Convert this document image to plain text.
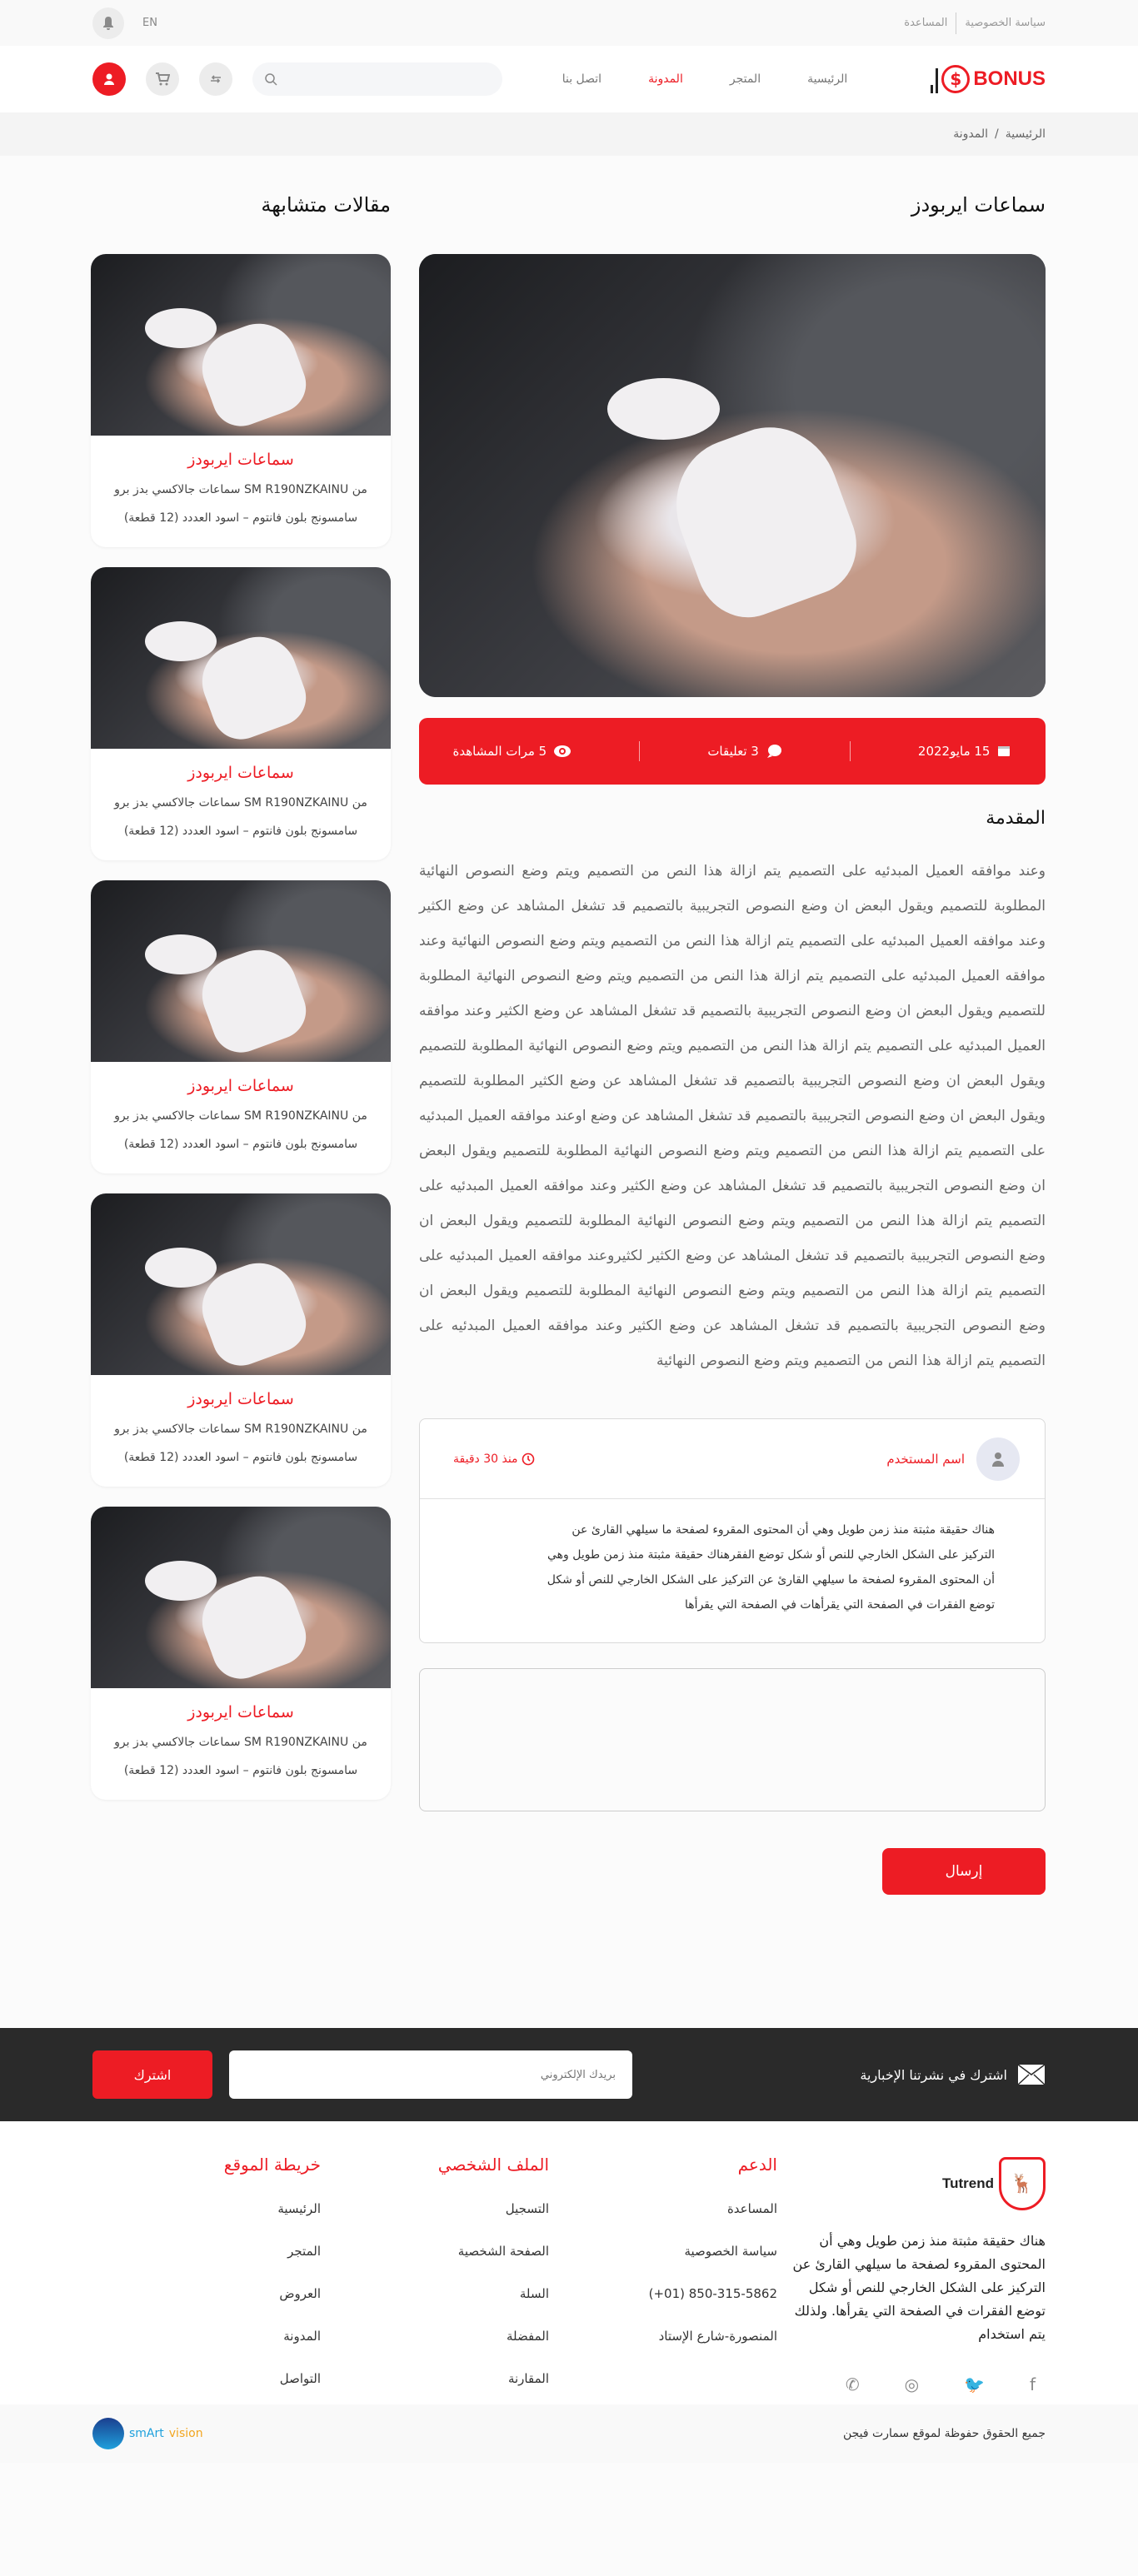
سياسة الخصوصية
المساعدة
EN
$ BONUS
الرئيسية
المتجر
المدونة
اتصل بنا
الرئيسية
/
المدونة
سماعات ايربودز
15 مايو2022
3 تعليقات
5 مرات المشاهدة
المقدمة

وعند موافقه العميل المبدئيه على التصميم يتم ازالة هذا النص من التصميم ويتم وضع النصوص النهائية المطلوبة للتصميم ويقول البعض ان وضع النصوص التجريبية بالتصميم قد تشغل المشاهد عن وضع الكثير وعند موافقه العميل المبدئيه على التصميم يتم ازالة هذا النص من التصميم ويتم وضع النصوص النهائية وعند موافقه العميل المبدئيه على التصميم يتم ازالة هذا النص من التصميم ويتم وضع النصوص النهائية المطلوبة للتصميم ويقول البعض ان وضع النصوص التجريبية بالتصميم قد تشغل المشاهد عن وضع الكثير وعند موافقه العميل المبدئيه على التصميم يتم ازالة هذا النص من التصميم ويتم وضع النصوص النهائية المطلوبة للتصميم ويقول البعض ان وضع النصوص التجريبية بالتصميم قد تشغل المشاهد عن وضع الكثير المطلوبة للتصميم ويقول البعض ان وضع النصوص التجريبية بالتصميم قد تشغل المشاهد عن وضع اوعند موافقه العميل المبدئيه على التصميم يتم ازالة هذا النص من التصميم ويتم وضع النصوص النهائية المطلوبة للتصميم ويقول البعض ان وضع النصوص التجريبية بالتصميم قد تشغل المشاهد عن وضع الكثير وعند موافقه العميل المبدئيه على التصميم يتم ازالة هذا النص من التصميم ويتم وضع النصوص النهائية المطلوبة للتصميم ويقول البعض ان وضع النصوص التجريبية بالتصميم قد تشغل المشاهد عن وضع الكثير لكثيروعند موافقه العميل المبدئيه على التصميم يتم ازالة هذا النص من التصميم ويتم وضع النصوص النهائية المطلوبة للتصميم ويقول البعض ان وضع النصوص التجريبية بالتصميم قد تشغل المشاهد عن وضع الكثير وعند موافقه العميل المبدئيه على التصميم يتم ازالة هذا النص من التصميم ويتم وضع النصوص النهائية

اسم المستخدم
منذ 30 دقيقة

هناك حقيقة مثبتة منذ زمن طويل وهي أن المحتوى المقروء لصفحة ما سيلهي القارئ عن التركيز على الشكل الخارجي للنص أو شكل توضع الفقرهناك حقيقة مثبتة منذ زمن طويل وهي أن المحتوى المقروء لصفحة ما سيلهي القارئ عن التركيز على الشكل الخارجي للنص أو شكل توضع الفقرات في الصفحة التي يقرأهات في الصفحة التي يقرأها

إرسال
مقالات متشابهة
سماعات ايربودز

من SM R190NZKAINU سماعات جالاكسي بدز برو سامسونج بلون فانتوم – اسود العددد (12 قطعة)

سماعات ايربودز

من SM R190NZKAINU سماعات جالاكسي بدز برو سامسونج بلون فانتوم – اسود العددد (12 قطعة)

سماعات ايربودز

من SM R190NZKAINU سماعات جالاكسي بدز برو سامسونج بلون فانتوم – اسود العددد (12 قطعة)

سماعات ايربودز

من SM R190NZKAINU سماعات جالاكسي بدز برو سامسونج بلون فانتوم – اسود العددد (12 قطعة)

سماعات ايربودز

من SM R190NZKAINU سماعات جالاكسي بدز برو سامسونج بلون فانتوم – اسود العددد (12 قطعة)

اشترك في نشرتنا الإخبارية
بريدك الإلكتروني
اشترك
🦌
Tutrend

هناك حقيقة مثبتة منذ زمن طويل وهي أن المحتوى المقروء لصفحة ما سيلهي القارئ عن التركيز على الشكل الخارجي للنص أو شكل توضع الفقرات في الصفحة التي يقرأها. ولذلك يتم استخدام

f
🐦
◎
✆
الدعم
المساعدة
سياسة الخصوصية
(+01) 850-315-5862
المنصورة-شارع الإستاد
الملف الشخصي
التسجيل
الصفحة الشخصية
السلة
المفضلة
المقارنة
خريطة الموقع
الرئيسية
المتجر
العروض
المدونة
التواصل
جميع الحقوق حفوظة لموقع سمارت فيجن
smArt vision
